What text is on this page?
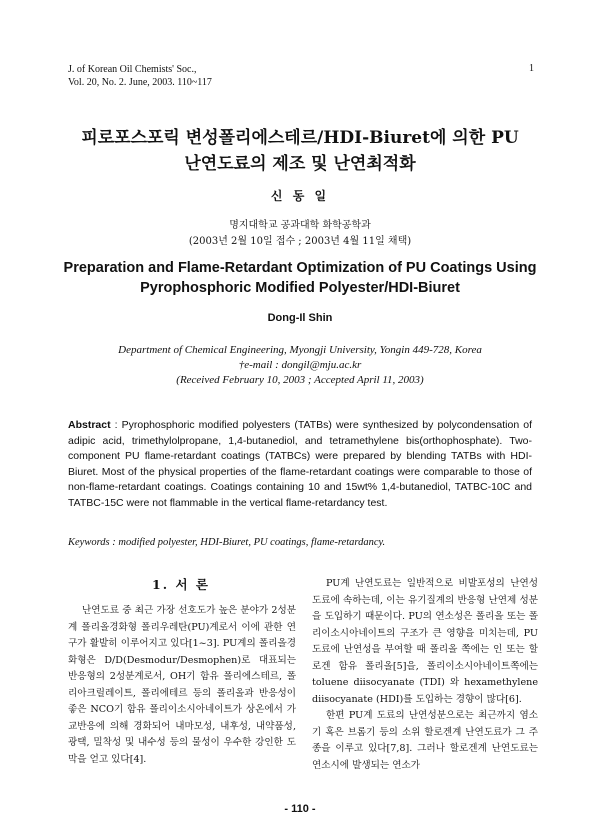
J. of Korean Oil Chemists' Soc.,
Vol. 20, No. 2. June, 2003. 110~117
1
피로포스포릭 변성폴리에스테르/HDI-Biuret에 의한 PU
난연도료의 제조 및 난연최적화
신 동 일
명지대학교 공과대학 화학공학과
(2003년 2월 10일 접수 ; 2003년 4월 11일 채택)
Preparation and Flame-Retardant Optimization of PU Coatings Using
Pyrophosphoric Modified Polyester/HDI-Biuret
Dong-Il Shin
Department of Chemical Engineering, Myongji University, Yongin 449-728, Korea
†e-mail : dongil@mju.ac.kr
(Received February 10, 2003 ; Accepted April 11, 2003)
Abstract : Pyrophosphoric modified polyesters (TATBs) were synthesized by polycondensation of adipic acid, trimethylolpropane, 1,4-butanediol, and tetramethylene bis(orthophosphate). Two-component PU flame-retardant coatings (TATBCs) were prepared by blending TATBs with HDI-Biuret. Most of the physical properties of the flame-retardant coatings were comparable to those of non-flame-retardant coatings. Coatings containing 10 and 15wt% 1,4-butanediol, TATBC-10C and TATBC-15C were not flammable in the vertical flame-retardancy test.
Keywords : modified polyester, HDI-Biuret, PU coatings, flame-retardancy.
1. 서 론

난연도료 중 최근 가장 선호도가 높은 분야가 2성분계 폴리올경화형 폴리우레탄(PU)계로서 이에 관한 연구가 활발히 이루어지고 있다[1~3]. PU계의 폴리올경화형은 D/D(Desmodur/Desmophen)로 대표되는 반응형의 2성분계로서, OH기 함유 폴리에스테르, 폴리아크릴레이트, 폴리에테르 등의 폴리올과 반응성이 좋은 NCO기 함유 폴리이소시아네이트가 상온에서 가교반응에 의해 경화되어 내마모성, 내후성, 내약품성, 광택, 밀착성 및 내수성 등의 물성이 우수한 강인한 도막을 얻고 있다[4].

PU계 난연도료는 일반적으로 비발포성의 난연성 도료에 속하는데, 이는 유기질계의 반응형 난연제 성분을 도입하기 때문이다. PU의 연소성은 폴리올 또는 폴리이소시아네이트의 구조가 큰 영향을 미치는데, PU 도료에 난연성을 부여할 때 폴리올 쪽에는 인 또는 할로겐 함유 폴리올[5]을, 폴리이소시아네이트쪽에는 toluene diisocyanate (TDI) 와 hexamethylene diisocyanate (HDI)를 도입하는 경향이 많다[6].

한편 PU계 도료의 난연성분으로는 최근까지 염소기 혹은 브롬기 등의 소위 할로겐계 난연도료가 그 주종을 이루고 있다[7,8]. 그러나 할로겐계 난연도료는 연소시에 발생되는 연소가

- 110 -
